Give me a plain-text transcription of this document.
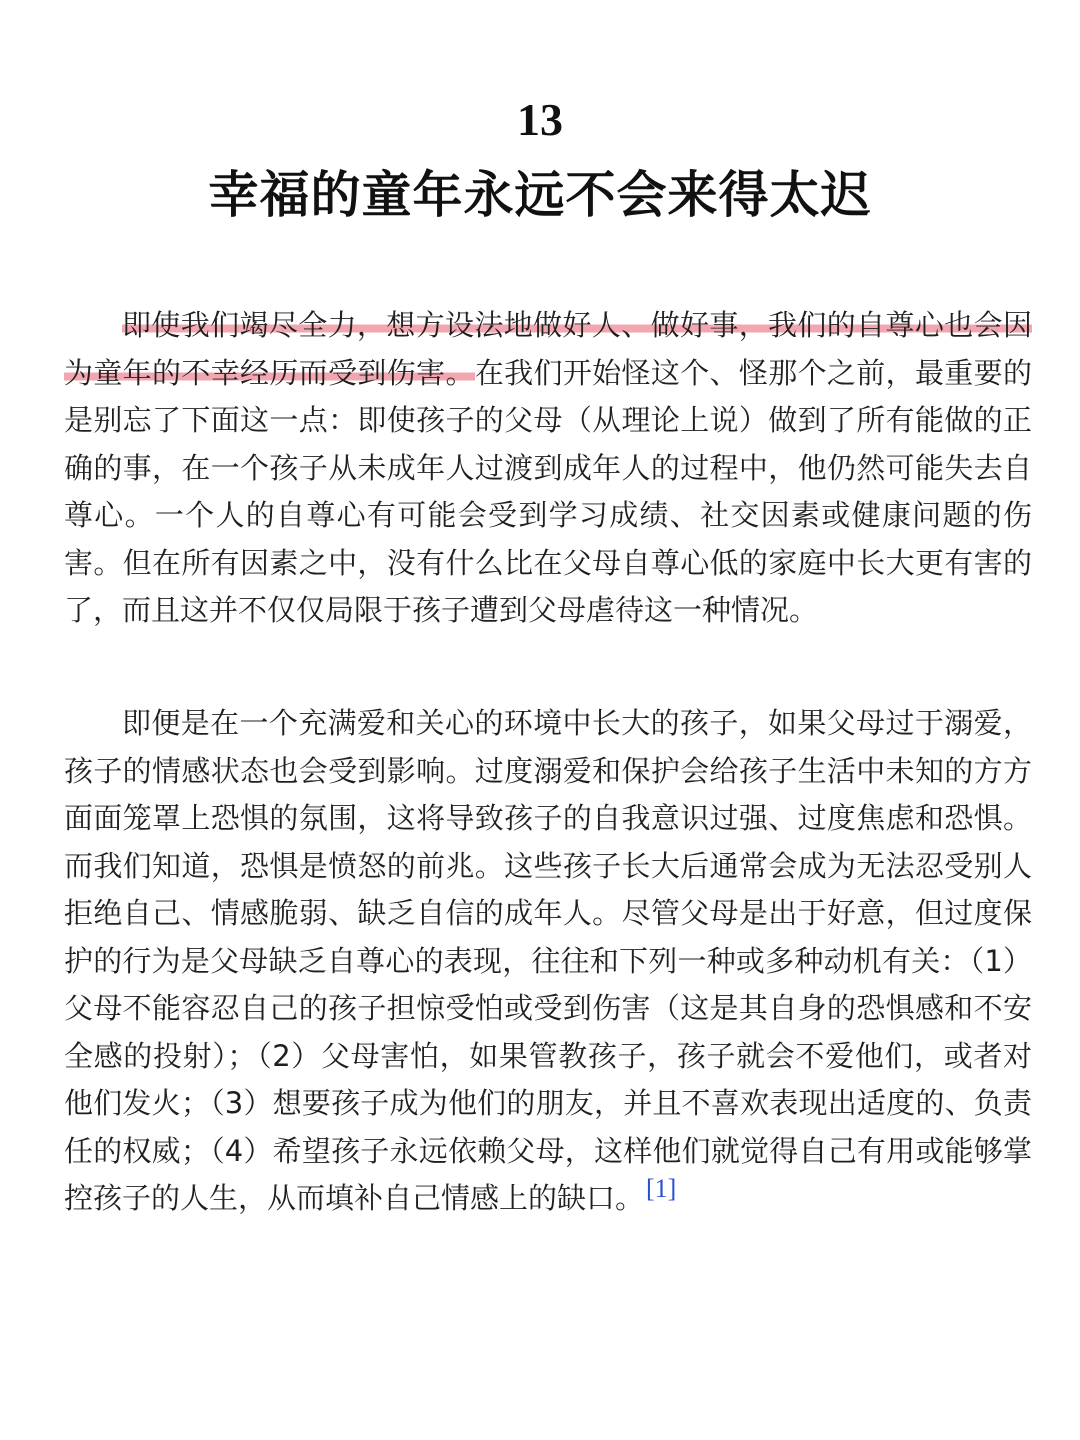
13
幸福的童年永远不会来得太迟

即使我们竭尽全力，想方设法地做好人、做好事，我们的自尊心也会因为童年的不幸经历而受到伤害。在我们开始怪这个、怪那个之前，最重要的是别忘了下面这一点：即使孩子的父母（从理论上说）做到了所有能做的正确的事，在一个孩子从未成年人过渡到成年人的过程中，他仍然可能失去自尊心。一个人的自尊心有可能会受到学习成绩、社交因素或健康问题的伤害。但在所有因素之中，没有什么比在父母自尊心低的家庭中长大更有害的了，而且这并不仅仅局限于孩子遭到父母虐待这一种情况。

即便是在一个充满爱和关心的环境中长大的孩子，如果父母过于溺爱，孩子的情感状态也会受到影响。过度溺爱和保护会给孩子生活中未知的方方面面笼罩上恐惧的氛围，这将导致孩子的自我意识过强、过度焦虑和恐惧。而我们知道，恐惧是愤怒的前兆。这些孩子长大后通常会成为无法忍受别人拒绝自己、情感脆弱、缺乏自信的成年人。尽管父母是出于好意，但过度保护的行为是父母缺乏自尊心的表现，往往和下列一种或多种动机有关：（1）父母不能容忍自己的孩子担惊受怕或受到伤害（这是其自身的恐惧感和不安全感的投射）；（2）父母害怕，如果管教孩子，孩子就会不爱他们，或者对他们发火；（3）想要孩子成为他们的朋友，并且不喜欢表现出适度的、负责任的权威；（4）希望孩子永远依赖父母，这样他们就觉得自己有用或能够掌控孩子的人生，从而填补自己情感上的缺口。[1]
